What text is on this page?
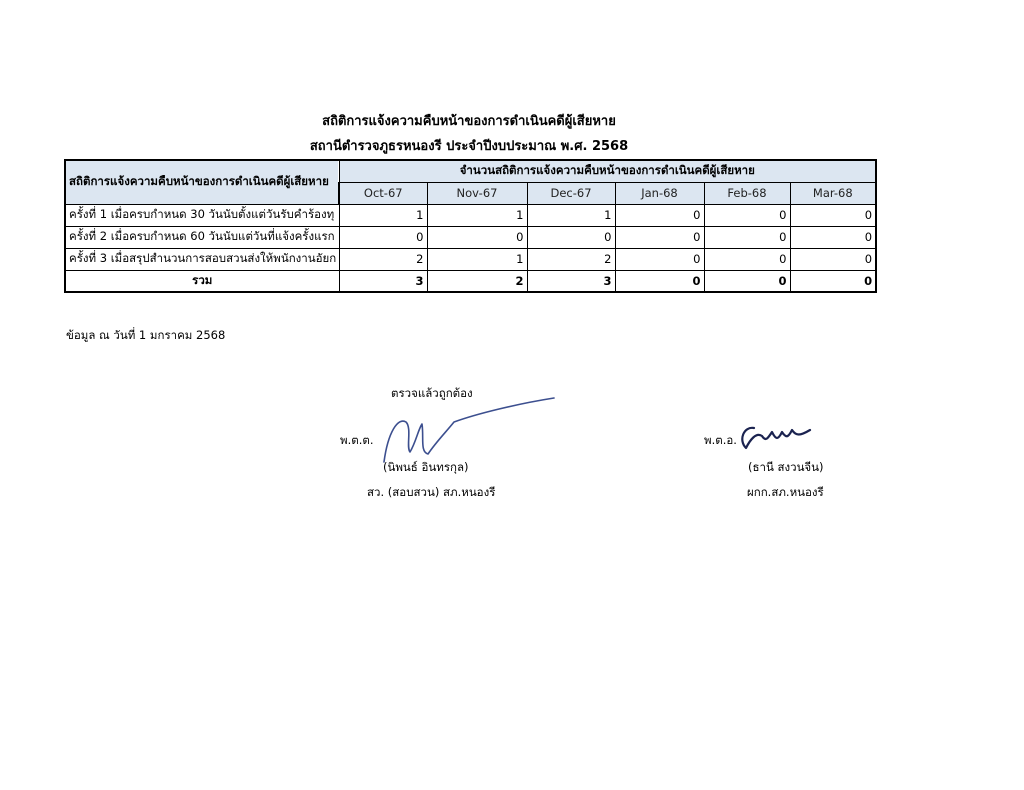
สถิติการแจ้งความคืบหน้าของการดำเนินคดีผู้เสียหาย
สถานีตำรวจภูธรหนองรี ประจำปีงบประมาณ พ.ศ. 2568
สถิติการแจ้งความคืบหน้าของการดำเนินคดีผู้เสียหาย	จำนวนสถิติการแจ้งความคืบหน้าของการดำเนินคดีผู้เสียหาย					
	Oct-67	Nov-67	Dec-67	Jan-68	Feb-68	Mar-68
ครั้งที่ 1 เมื่อครบกำหนด 30 วันนับตั้งแต่วันรับคำร้องทุ	1	1	1	0	0	0
ครั้งที่ 2 เมื่อครบกำหนด 60 วันนับแต่วันที่แจ้งครั้งแรก	0	0	0	0	0	0
ครั้งที่ 3 เมื่อสรุปสำนวนการสอบสวนส่งให้พนักงานอัยก	2	1	2	0	0	0
รวม	3	2	3	0	0	0
ข้อมูล ณ วันที่ 1 มกราคม 2568
ตรวจแล้วถูกต้อง
พ.ต.ต.
(นิพนธ์ อินทรกุล)
สว. (สอบสวน) สภ.หนองรี
พ.ต.อ.
(ธานี สงวนจีน)
ผกก.สภ.หนองรี
